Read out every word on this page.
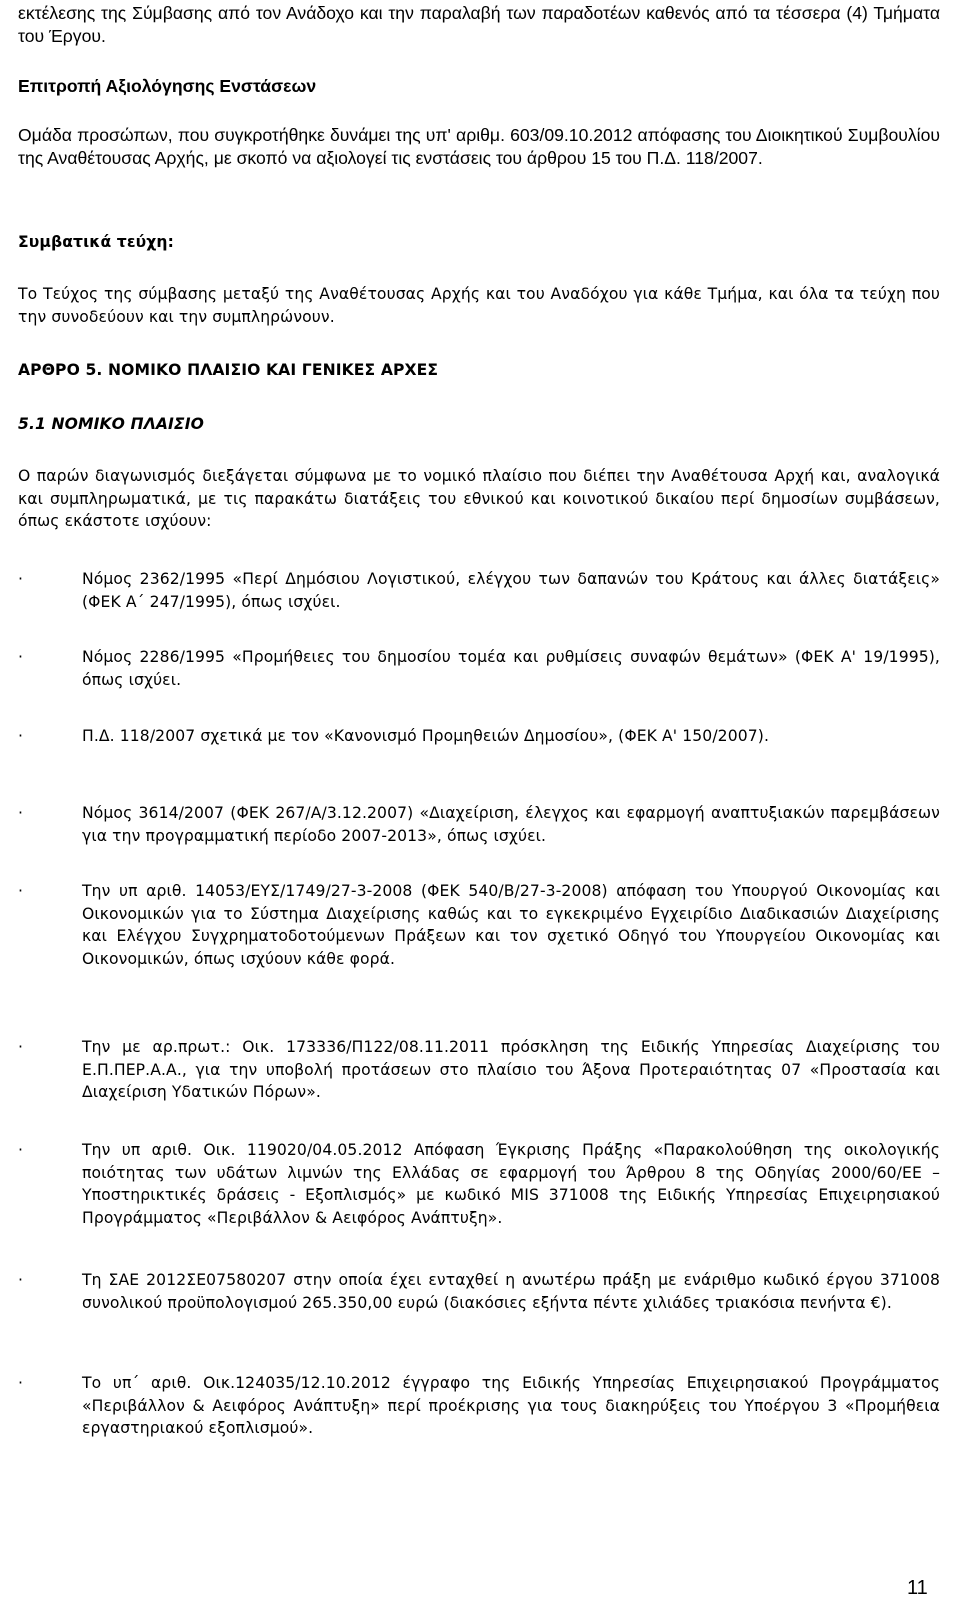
εκτέλεσης της Σύμβασης από τον Ανάδοχο και την παραλαβή των παραδοτέων καθενός από τα τέσσερα (4) Τμήματα του Έργου.

Επιτροπή Αξιολόγησης Ενστάσεων

Ομάδα προσώπων, που συγκροτήθηκε δυνάμει της υπ' αριθμ. 603/09.10.2012 απόφασης του Διοικητικού Συμβουλίου της Αναθέτουσας Αρχής, με σκοπό να αξιολογεί τις ενστάσεις του άρθρου 15 του Π.Δ. 118/2007.

Συμβατικά τεύχη:

Το Τεύχος της σύμβασης μεταξύ της Αναθέτουσας Αρχής και του Αναδόχου για κάθε Τμήμα, και όλα τα τεύχη που την συνοδεύουν και την συμπληρώνουν.

ΑΡΘΡΟ 5. ΝΟΜΙΚΟ ΠΛΑΙΣΙΟ ΚΑΙ ΓΕΝΙΚΕΣ ΑΡΧΕΣ

5.1 ΝΟΜΙΚΟ ΠΛΑΙΣΙΟ

Ο παρών διαγωνισμός διεξάγεται σύμφωνα με το νομικό πλαίσιο που διέπει την Αναθέτουσα Αρχή και, αναλογικά και συμπληρωματικά, με τις παρακάτω διατάξεις του εθνικού και κοινοτικού δικαίου περί δημοσίων συμβάσεων, όπως εκάστοτε ισχύουν:

·	Νόμος 2362/1995 «Περί Δημόσιου Λογιστικού, ελέγχου των δαπανών του Κράτους και άλλες διατάξεις» (ΦΕΚ Α΄ 247/1995), όπως ισχύει.

·	Νόμος 2286/1995 «Προμήθειες του δημοσίου τομέα και ρυθμίσεις συναφών θεμάτων» (ΦΕΚ Α' 19/1995), όπως ισχύει.

·	Π.Δ. 118/2007 σχετικά με τον «Κανονισμό Προμηθειών Δημοσίου», (ΦΕΚ Α' 150/2007).

·	Νόμος 3614/2007 (ΦΕΚ 267/Α/3.12.2007) «Διαχείριση, έλεγχος και εφαρμογή αναπτυξιακών παρεμβάσεων για την προγραμματική περίοδο 2007-2013», όπως ισχύει.

·	Την υπ αριθ. 14053/ΕΥΣ/1749/27-3-2008 (ΦΕΚ 540/Β/27-3-2008) απόφαση του Υπουργού Οικονομίας και Οικονομικών για το Σύστημα Διαχείρισης καθώς και το εγκεκριμένο Εγχειρίδιο Διαδικασιών Διαχείρισης και Ελέγχου Συγχρηματοδοτούμενων Πράξεων και τον σχετικό Οδηγό του Υπουργείου Οικονομίας και Οικονομικών, όπως ισχύουν κάθε φορά.

·	Την με αρ.πρωτ.: Οικ. 173336/Π122/08.11.2011 πρόσκληση της Ειδικής Υπηρεσίας Διαχείρισης του Ε.Π.ΠΕΡ.Α.Α., για την υποβολή προτάσεων στο πλαίσιο του Άξονα Προτεραιότητας 07 «Προστασία και Διαχείριση Υδατικών Πόρων».

·	Την υπ αριθ. Οικ. 119020/04.05.2012 Απόφαση Έγκρισης Πράξης «Παρακολούθηση της οικολογικής ποιότητας των υδάτων λιμνών της Ελλάδας σε εφαρμογή του Άρθρου 8 της Οδηγίας 2000/60/ΕΕ – Υποστηρικτικές δράσεις - Εξοπλισμός» με κωδικό MIS 371008 της Ειδικής Υπηρεσίας Επιχειρησιακού Προγράμματος «Περιβάλλον & Αειφόρος Ανάπτυξη».

·	Τη ΣΑΕ 2012ΣΕ07580207 στην οποία έχει ενταχθεί η ανωτέρω πράξη με ενάριθμο κωδικό έργου 371008 συνολικού προϋπολογισμού 265.350,00 ευρώ (διακόσιες εξήντα πέντε χιλιάδες τριακόσια πενήντα €).

·	Το υπ΄ αριθ. Οικ.124035/12.10.2012 έγγραφο της Ειδικής Υπηρεσίας Επιχειρησιακού Προγράμματος «Περιβάλλον & Αειφόρος Ανάπτυξη» περί προέκρισης για τους διακηρύξεις του Υποέργου 3 «Προμήθεια εργαστηριακού εξοπλισμού».

11
